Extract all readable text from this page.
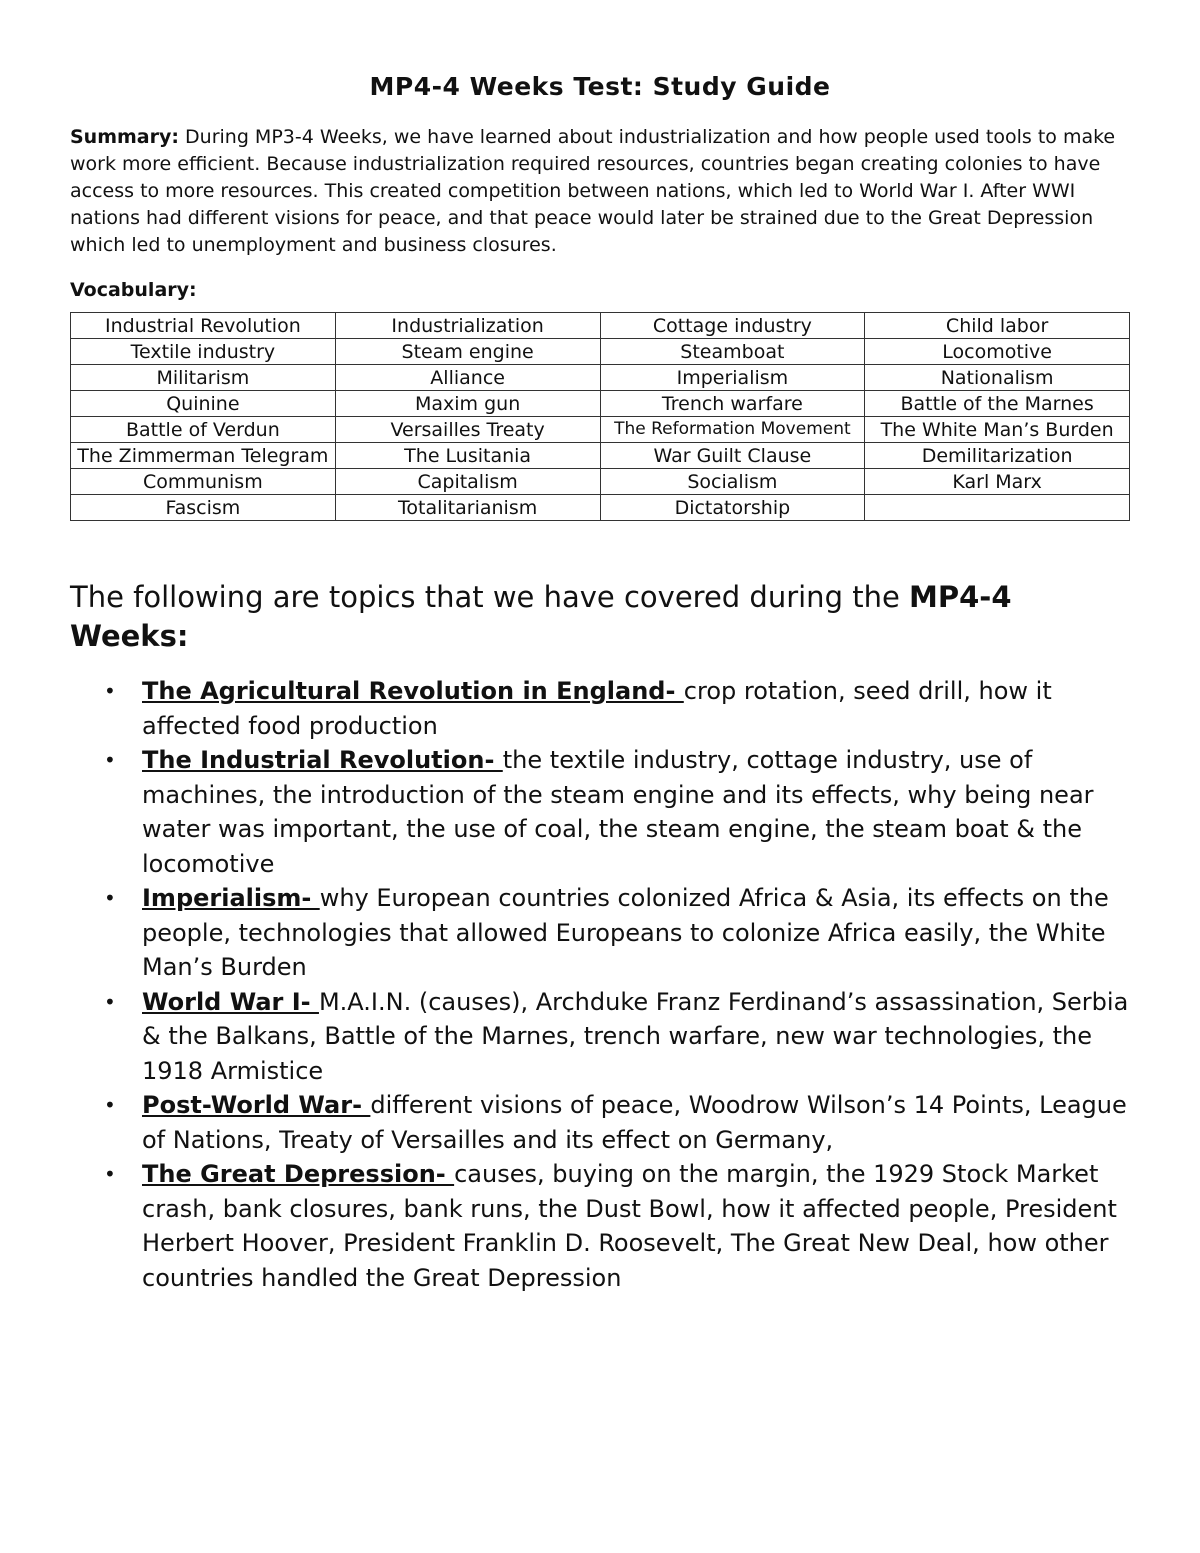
MP4-4 Weeks Test: Study Guide

Summary: During MP3-4 Weeks, we have learned about industrialization and how people used tools to make work more efficient. Because industrialization required resources, countries began creating colonies to have access to more resources. This created competition between nations, which led to World War I. After WWI nations had different visions for peace, and that peace would later be strained due to the Great Depression which led to unemployment and business closures.

Vocabulary:
Industrial Revolution	Industrialization	Cottage industry	Child labor
Textile industry	Steam engine	Steamboat	Locomotive
Militarism	Alliance	Imperialism	Nationalism
Quinine	Maxim gun	Trench warfare	Battle of the Marnes
Battle of Verdun	Versailles Treaty	The Reformation Movement	The White Man’s Burden
The Zimmerman Telegram	The Lusitania	War Guilt Clause	Demilitarization
Communism	Capitalism	Socialism	Karl Marx
Fascism	Totalitarianism	Dictatorship	
The following are topics that we have covered during the MP4-4 Weeks:
• The Agricultural Revolution in England- crop rotation, seed drill, how it affected food production
• The Industrial Revolution- the textile industry, cottage industry, use of machines, the introduction of the steam engine and its effects, why being near water was important, the use of coal, the steam engine, the steam boat & the locomotive
• Imperialism- why European countries colonized Africa & Asia, its effects on the people, technologies that allowed Europeans to colonize Africa easily, the White Man’s Burden
• World War I- M.A.I.N. (causes), Archduke Franz Ferdinand’s assassination, Serbia & the Balkans, Battle of the Marnes, trench warfare, new war technologies, the 1918 Armistice
• Post-World War- different visions of peace, Woodrow Wilson’s 14 Points, League of Nations, Treaty of Versailles and its effect on Germany,
• The Great Depression- causes, buying on the margin, the 1929 Stock Market crash, bank closures, bank runs, the Dust Bowl, how it affected people, President Herbert Hoover, President Franklin D. Roosevelt, The Great New Deal, how other countries handled the Great Depression
